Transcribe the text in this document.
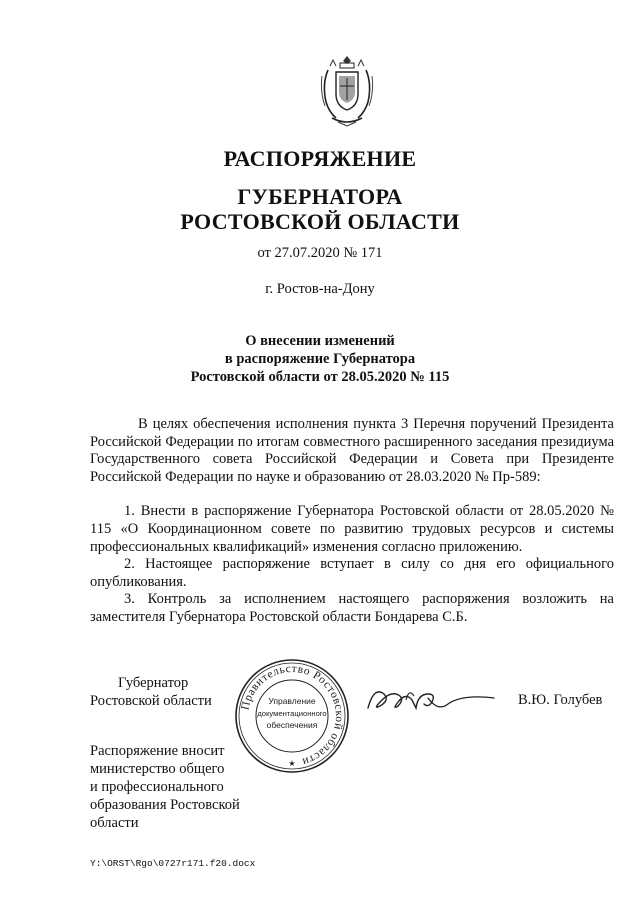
РАСПОРЯЖЕНИЕ
ГУБЕРНАТОРА
РОСТОВСКОЙ ОБЛАСТИ
от 27.07.2020 № 171
г. Ростов-на-Дону
О внесении изменений
в распоряжение Губернатора
Ростовской области от 28.05.2020 № 115

В целях обеспечения исполнения пункта 3 Перечня поручений Президента Российской Федерации по итогам совместного расширенного заседания президиума Государственного совета Российской Федерации и Совета при Президенте Российской Федерации по науке и образованию от 28.03.2020 № Пр-589:

1. Внести в распоряжение Губернатора Ростовской области от 28.05.2020 № 115 «О Координационном совете по развитию трудовых ресурсов и системы профессиональных квалификаций» изменения согласно приложению.

2. Настоящее распоряжение вступает в силу со дня его официального опубликования.

3. Контроль за исполнением настоящего распоряжения возложить на заместителя Губернатора Ростовской области Бондарева С.Б.

Губернатор
Ростовской области Правительство Ростовской области
Управление
документационного
обеспечения
★
В.Ю. Голубев
Распоряжение вносит
министерство общего
и профессионального
образования Ростовской
области
Y:\ORST\Rgo\0727r171.f20.docx
